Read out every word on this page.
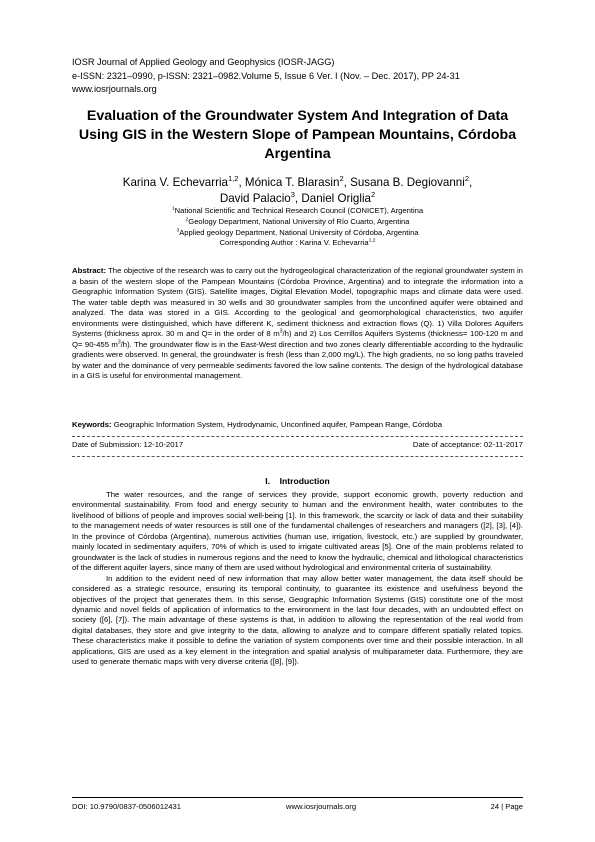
IOSR Journal of Applied Geology and Geophysics (IOSR-JAGG)
e-ISSN: 2321–0990, p-ISSN: 2321–0982.Volume 5, Issue 6 Ver. I (Nov. – Dec. 2017), PP 24-31
www.iosrjournals.org
Evaluation of the Groundwater System And Integration of Data
Using GIS in the Western Slope of Pampean Mountains, Córdoba
Argentina
Karina V. Echevarria$^{1,2}$, Mónica T. Blarasin$^2$, Susana B. Degiovanni$^2$,
David Palacio$^3$, Daniel Origlia$^2$
$^1$National Scientific and Technical Research Council (CONICET), Argentina
$^2$Geology Department, National University of Río Cuarto, Argentina
$^3$Applied geology Department, National University of Córdoba, Argentina
Corresponding Author : Karina V. Echevarria$^{1,2}$
Abstract: The objective of the research was to carry out the hydrogeological characterization of the regional groundwater system in a basin of the western slope of the Pampean Mountains (Córdoba Province, Argentina) and to integrate the information into a Geographic Information System (GIS). Satellite images, Digital Elevation Model, topographic maps and climate data were used. The water table depth was measured in 30 wells and 30 groundwater samples from the unconfined aquifer were obtained and analyzed. The data was stored in a GIS. According to the geological and geomorphological characteristics, two aquifer environments were distinguished, which have different K, sediment thickness and extraction flows (Q). 1) Villa Dolores Aquifers Systems (thickness aprox. 30 m and Q= in the order of 8 $m^3/h$) and 2) Los Cerrillos Aquifers Systems (thickness= 100-120 m and Q= 90-455 $m^3/h$). The groundwater flow is in the East-West direction and two zones clearly differentiable according to the hydraulic gradients were observed. In general, the groundwater is fresh (less than 2,000 mg/L). The high gradients, no so long paths traveled by water and the dominance of very permeable sediments favored the low saline contents. The design of the hydrological database in a GIS is useful for environmental management.
Keywords: Geographic Information System, Hydrodynamic, Unconfined aquifer, Pampean Range, Córdoba
Date of Submission: 12-10-2017	Date of acceptance: 02-11-2017
I. Introduction

The water resources, and the range of services they provide, support economic growth, poverty reduction and environmental sustainability. From food and energy security to human and the environment health, water contributes to the livelihood of billions of people and improves social well-being [1]. In this framework, the scarcity or lack of data and their suitability to the management needs of water resources is still one of the fundamental challenges of researchers and managers ([2], [3], [4]). In the province of Córdoba (Argentina), numerous activities (human use, irrigation, livestock, etc.) are supplied by groundwater, mainly located in sedimentary aquifers, 70% of which is used to irrigate cultivated areas [5]. One of the main problems related to groundwater is the lack of studies in numerous regions and the need to know the hydraulic, chemical and lithological characteristics of the different aquifer layers, since many of them are used without hydrological and environmental criteria of sustainability.

In addition to the evident need of new information that may allow better water management, the data itself should be considered as a strategic resource, ensuring its temporal continuity, to guarantee its existence and usefulness beyond the objectives of the project that generates them. In this sense, Geographic Information Systems (GIS) constitute one of the most dynamic and novel fields of application of informatics to the environment in the last four decades, with an undoubted effect on society ([6], [7]). The main advantage of these systems is that, in addition to allowing the representation of the real world from digital databases, they store and give integrity to the data, allowing to analyze and to compare different spatially related topics. These characteristics make it possible to define the variation of system components over time and their possible interaction. In all applications, GIS are used as a key element in the integration and spatial analysis of multiparameter data. Furthermore, they are used to generate thematic maps with very diverse criteria ([8], [9]).

DOI: 10.9790/0837-0506012431	www.iosrjournals.org	24 | Page
